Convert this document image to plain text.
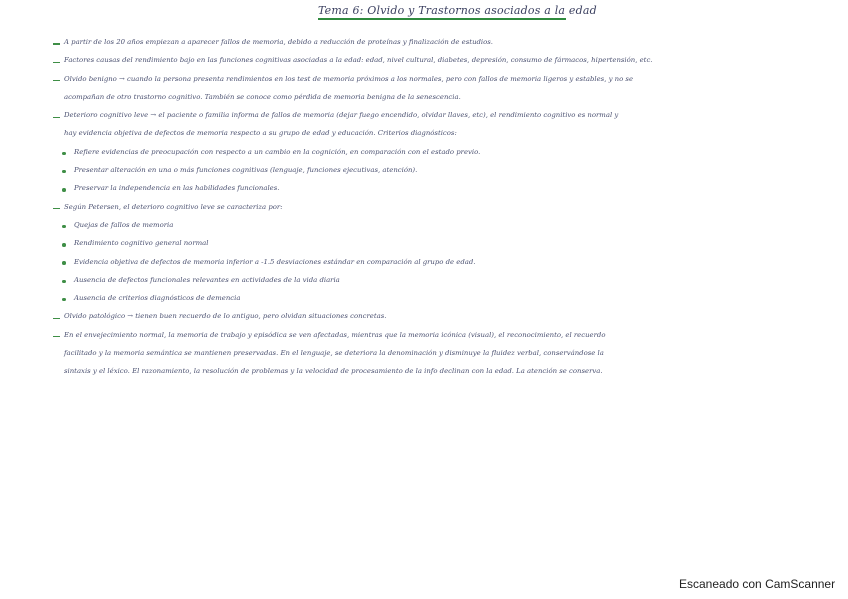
Tema 6: Olvido y Trastornos asociados a la edad
A partir de los 20 años empiezan a aparecer fallos de memoria, debido a reducción de proteínas y finalización de estudios.
Factores causas del rendimiento bajo en las funciones cognitivas asociadas a la edad: edad, nivel cultural, diabetes, depresión, consumo de fármacos, hipertensión, etc.
Olvido benigno → cuando la persona presenta rendimientos en los test de memoria próximos a los normales, pero con fallos de memoria ligeros y estables, y no se
acompañan de otro trastorno cognitivo. También se conoce como pérdida de memoria benigna de la senescencia.
Deterioro cognitivo leve → el paciente o familia informa de fallos de memoria (dejar fuego encendido, olvidar llaves, etc), el rendimiento cognitivo es normal y
hay evidencia objetiva de defectos de memoria respecto a su grupo de edad y educación. Criterios diagnósticos:
Refiere evidencias de preocupación con respecto a un cambio en la cognición, en comparación con el estado previo.
Presentar alteración en una o más funciones cognitivas (lenguaje, funciones ejecutivas, atención).
Preservar la independencia en las habilidades funcionales.
Según Petersen, el deterioro cognitivo leve se caracteriza por:
Quejas de fallos de memoria
Rendimiento cognitivo general normal
Evidencia objetiva de defectos de memoria inferior a -1.5 desviaciones estándar en comparación al grupo de edad.
Ausencia de defectos funcionales relevantes en actividades de la vida diaria
Ausencia de criterios diagnósticos de demencia
Olvido patológico → tienen buen recuerdo de lo antiguo, pero olvidan situaciones concretas.
En el envejecimiento normal, la memoria de trabajo y episódica se ven afectadas, mientras que la memoria icónica (visual), el reconocimiento, el recuerdo
facilitado y la memoria semántica se mantienen preservadas. En el lenguaje, se deteriora la denominación y disminuye la fluidez verbal, conservándose la
sintaxis y el léxico. El razonamiento, la resolución de problemas y la velocidad de procesamiento de la info declinan con la edad. La atención se conserva.
Escaneado con CamScanner
